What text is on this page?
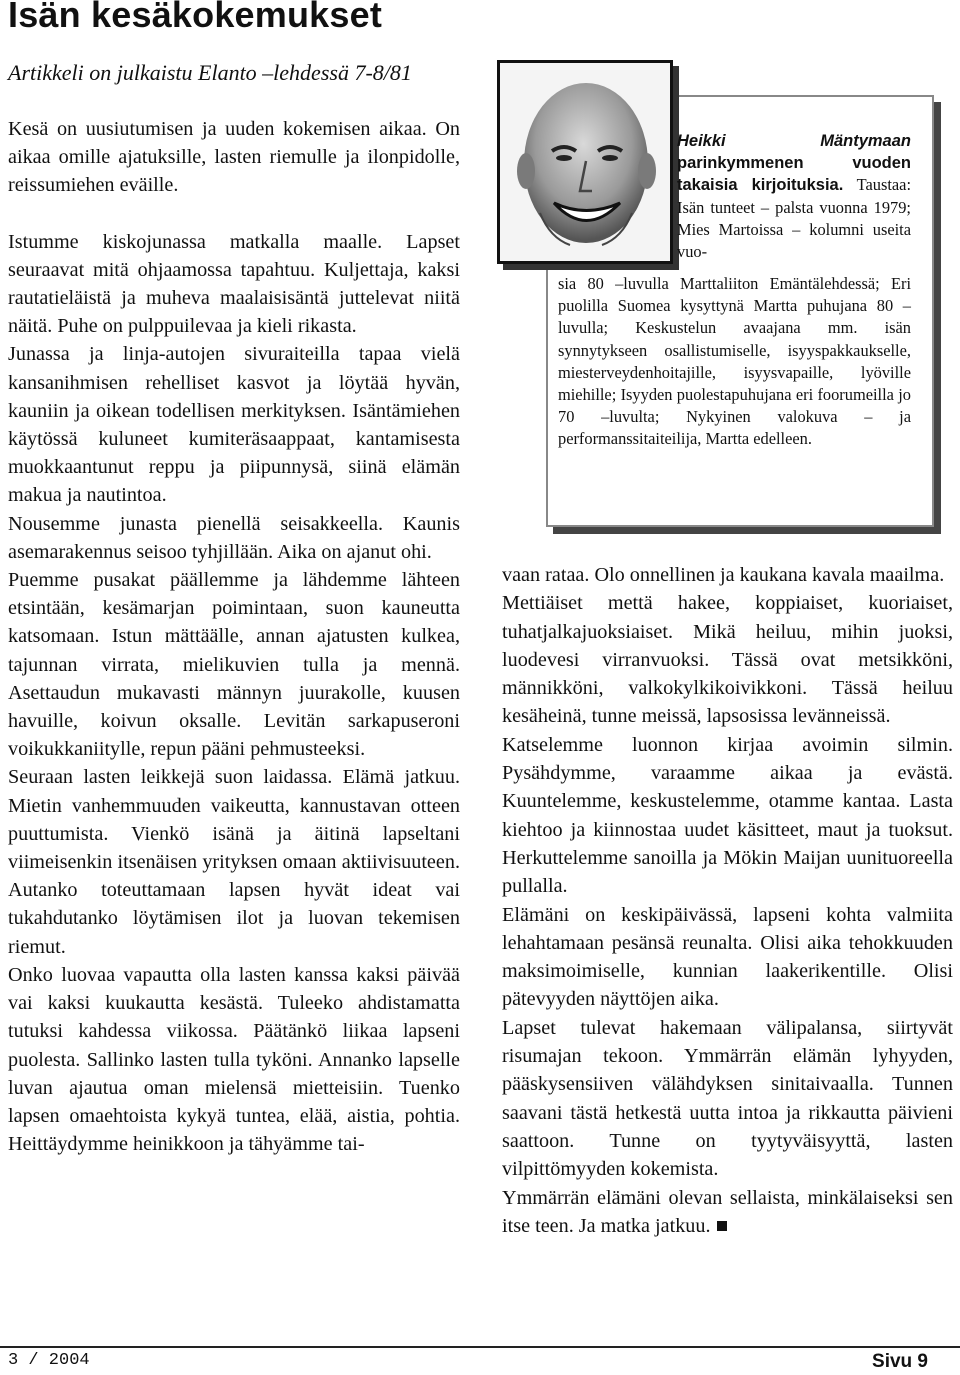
Isän kesäkokemukset

Artikkeli on julkaistu Elanto –lehdessä 7-8/81

Kesä on uusiutumisen ja uuden kokemisen aikaa. On aikaa omille ajatuksille, lasten riemulle ja ilonpidolle, reissumiehen eväille.

Istumme kiskojunassa matkalla maalle. Lapset seuraavat mitä ohjaamossa tapahtuu. Kuljettaja, kaksi rautatieläistä ja muheva maalaisisäntä juttelevat niitä näitä. Puhe on pulppuilevaa ja kieli rikasta.

Junassa ja linja-autojen sivuraiteilla tapaa vielä kansanihmisen rehelliset kasvot ja löytää hyvän, kauniin ja oikean todellisen merkityksen. Isäntämiehen käytössä kuluneet kumiteräsaappaat, kantamisesta muokkaantunut reppu ja piipunnysä, siinä elämän makua ja nautintoa.

Nousemme junasta pienellä seisakkeella. Kaunis asemarakennus seisoo tyhjillään. Aika on ajanut ohi.

Puemme pusakat päällemme ja lähdemme lähteen etsintään, kesämarjan poimintaan, suon kauneutta katsomaan. Istun mättäälle, annan ajatusten kulkea, tajunnan virrata, mielikuvien tulla ja mennä. Asettaudun mukavasti männyn juurakolle, kuusen havuille, koivun oksalle. Levitän sarkapuseroni voikukkaniitylle, repun pääni pehmusteeksi.

Seuraan lasten leikkejä suon laidassa. Elämä jatkuu. Mietin vanhemmuuden vaikeutta, kannustavan otteen puuttumista. Vienkö isänä ja äitinä lapseltani viimeisenkin itsenäisen yrityksen omaan aktiivisuuteen. Autanko toteuttamaan lapsen hyvät ideat vai tukahdutanko löytämisen ilot ja luovan tekemisen riemut.

Onko luovaa vapautta olla lasten kanssa kaksi päivää vai kaksi kuukautta kesästä. Tuleeko ahdistamatta tutuksi kahdessa viikossa. Päätänkö liikaa lapseni puolesta. Sallinko lasten tulla tyköni. Annanko lapselle luvan ajautua oman mielensä mietteisiin. Tuenko lapsen omaehtoista kykyä tuntea, elää, aistia, pohtia. Heittäydymme heinikkoon ja tähyämme tai-

Heikki Mäntymaan parinkymmenen vuoden takaisia kirjoituksia. Taustaa: Isän tunteet – palsta vuonna 1979; Mies Martoissa – kolumni useita vuo-
sia 80 –luvulla Marttaliiton Emäntälehdessä; Eri puolilla Suomea kysyttynä Martta puhujana 80 –luvulla; Keskustelun avaajana mm. isän synnytykseen osallistumiselle, isyyspakkaukselle, miesterveydenhoitajille, isyysvapaille, lyöville miehille; Isyyden puolestapuhujana eri foorumeilla jo 70 –luvulta; Nykyinen valokuva – ja performanssitaiteilija, Martta edelleen.

vaan rataa. Olo onnellinen ja kaukana kavala maailma.

Mettiäiset mettä hakee, koppiaiset, kuoriaiset, tuhatjalkajuoksiaiset. Mikä heiluu, mihin juoksi, luodevesi virranvuoksi. Tässä ovat metsikköni, männikköni, valkokylkikoivikkoni. Tässä heiluu kesäheinä, tunne meissä, lapsosissa levänneissä.

Katselemme luonnon kirjaa avoimin silmin. Pysähdymme, varaamme aikaa ja evästä. Kuuntelemme, keskustelemme, otamme kantaa. Lasta kiehtoo ja kiinnostaa uudet käsitteet, maut ja tuoksut. Herkuttelemme sanoilla ja Mökin Maijan uunituoreella pullalla.

Elämäni on keskipäivässä, lapseni kohta valmiita lehahtamaan pesänsä reunalta. Olisi aika tehokkuuden maksimoimiselle, kunnian laakerikentille. Olisi pätevyyden näyttöjen aika.

Lapset tulevat hakemaan välipalansa, siirtyvät risumajan tekoon. Ymmärrän elämän lyhyyden, pääskysensiiven välähdyksen sinitaivaalla. Tunnen saavani tästä hetkestä uutta intoa ja rikkautta päivieni saattoon. Tunne on tyytyväisyyttä, lasten vilpittömyyden kokemista.

Ymmärrän elämäni olevan sellaista, minkälaiseksi sen itse teen. Ja matka jatkuu.

3 / 2004	Sivu 9
